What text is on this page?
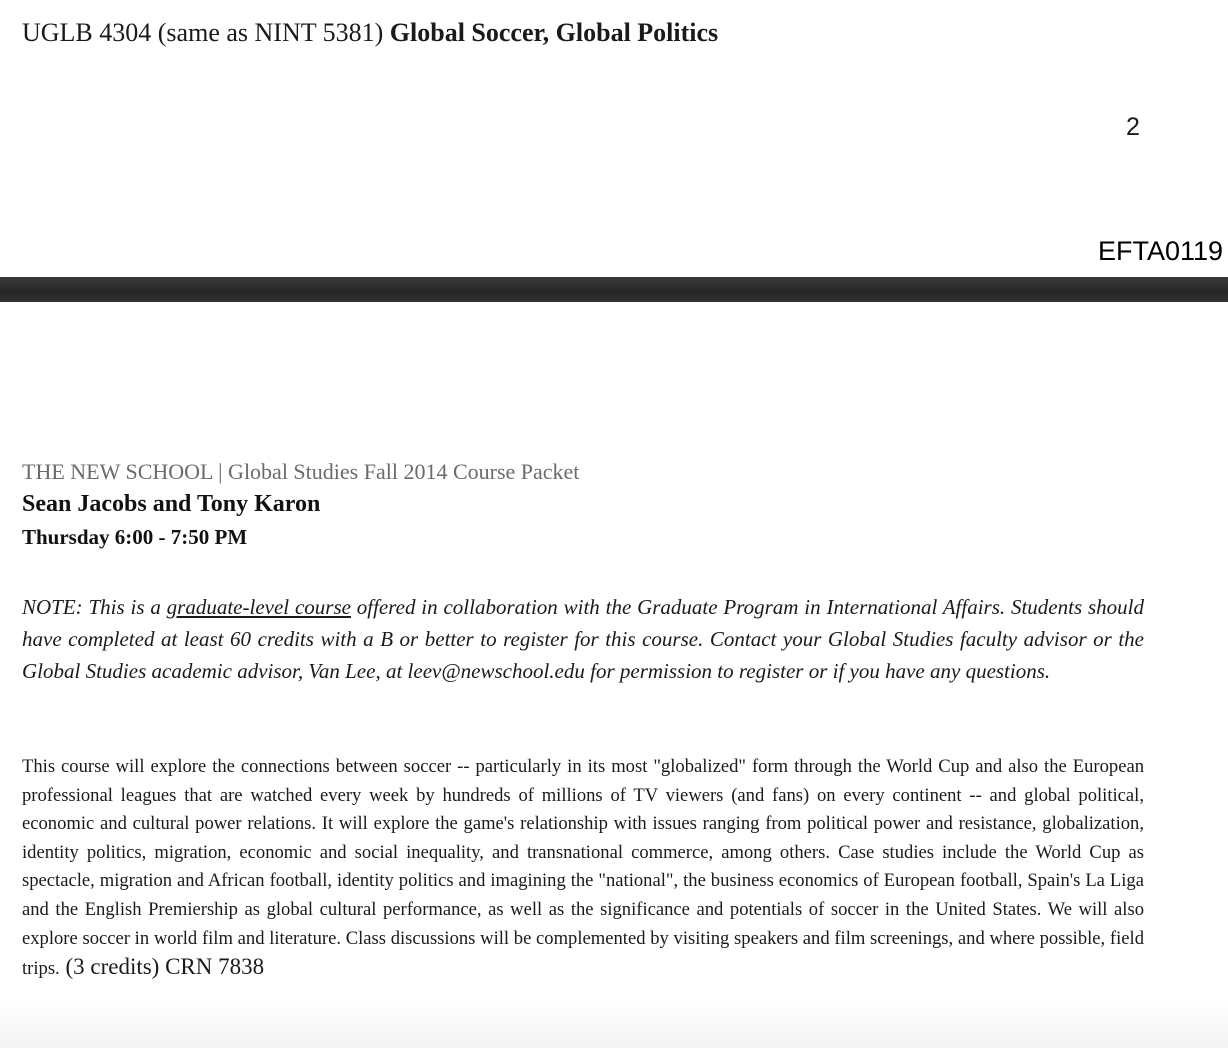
UGLB 4304 (same as NINT 5381) Global Soccer, Global Politics
2
EFTA0119
THE NEW SCHOOL | Global Studies Fall 2014 Course Packet
Sean Jacobs and Tony Karon
Thursday 6:00 - 7:50 PM
NOTE: This is a graduate-level course offered in collaboration with the Graduate Program in International Affairs. Students should have completed at least 60 credits with a B or better to register for this course. Contact your Global Studies faculty advisor or the Global Studies academic advisor, Van Lee, at leev@newschool.edu for permission to register or if you have any questions.
This course will explore the connections between soccer -- particularly in its most "globalized" form through the World Cup and also the European professional leagues that are watched every week by hundreds of millions of TV viewers (and fans) on every continent -- and global political, economic and cultural power relations. It will explore the game's relationship with issues ranging from political power and resistance, globalization, identity politics, migration, economic and social inequality, and transnational commerce, among others. Case studies include the World Cup as spectacle, migration and African football, identity politics and imagining the "national", the business economics of European football, Spain's La Liga and the English Premiership as global cultural performance, as well as the significance and potentials of soccer in the United States. We will also explore soccer in world film and literature. Class discussions will be complemented by visiting speakers and film screenings, and where possible, field trips. (3 credits) CRN 7838
